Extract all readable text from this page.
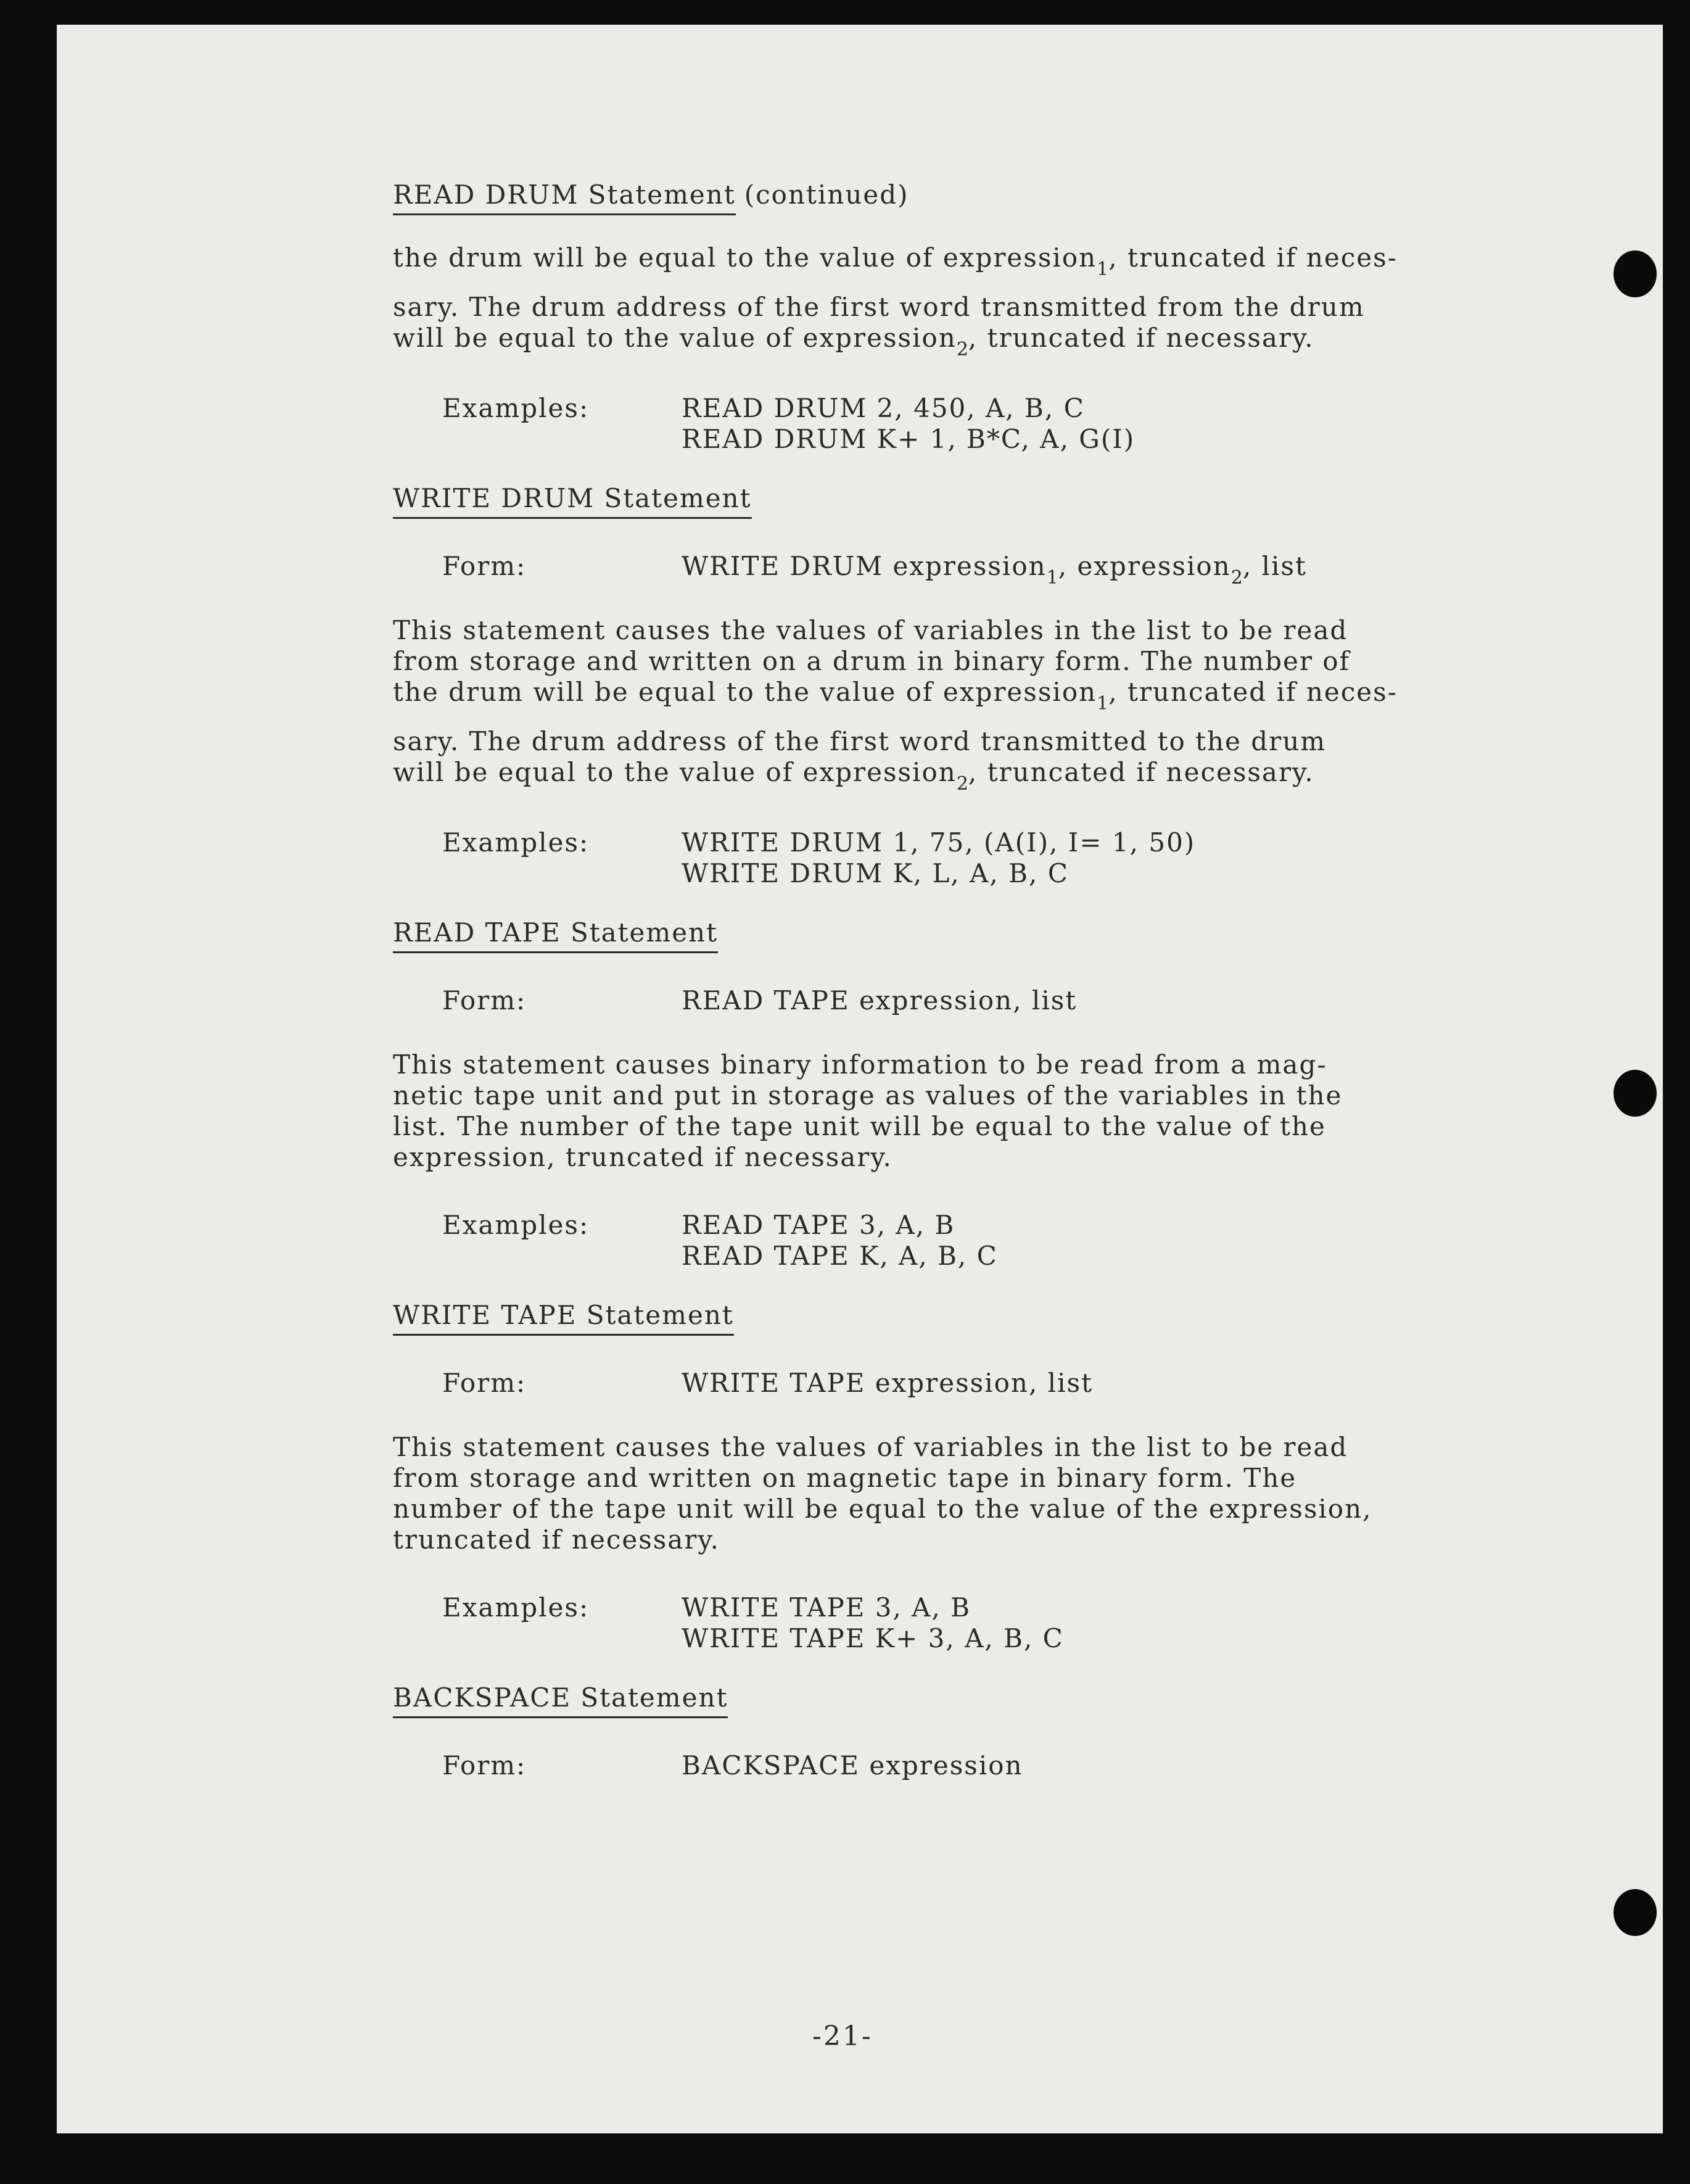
READ DRUM Statement (continued)
the drum will be equal to the value of expression$_1$, truncated if neces-
sary. The drum address of the first word transmitted from the drum
will be equal to the value of expression$_2$, truncated if necessary.
Examples:	READ DRUM 2, 450, A, B, C
READ DRUM K+ 1, B*C, A, G(I)
WRITE DRUM Statement
Form:	WRITE DRUM expression$_1$, expression$_2$, list
This statement causes the values of variables in the list to be read
from storage and written on a drum in binary form. The number of
the drum will be equal to the value of expression$_1$, truncated if neces-
sary. The drum address of the first word transmitted to the drum
will be equal to the value of expression$_2$, truncated if necessary.
Examples:	WRITE DRUM 1, 75, (A(I), I= 1, 50)
WRITE DRUM K, L, A, B, C
READ TAPE Statement
Form:	READ TAPE expression, list
This statement causes binary information to be read from a mag-
netic tape unit and put in storage as values of the variables in the
list. The number of the tape unit will be equal to the value of the
expression, truncated if necessary.
Examples:	READ TAPE 3, A, B
READ TAPE K, A, B, C
WRITE TAPE Statement
Form:	WRITE TAPE expression, list
This statement causes the values of variables in the list to be read
from storage and written on magnetic tape in binary form. The
number of the tape unit will be equal to the value of the expression,
truncated if necessary.
Examples:	WRITE TAPE 3, A, B
WRITE TAPE K+ 3, A, B, C
BACKSPACE Statement
Form:	BACKSPACE expression
-21-
